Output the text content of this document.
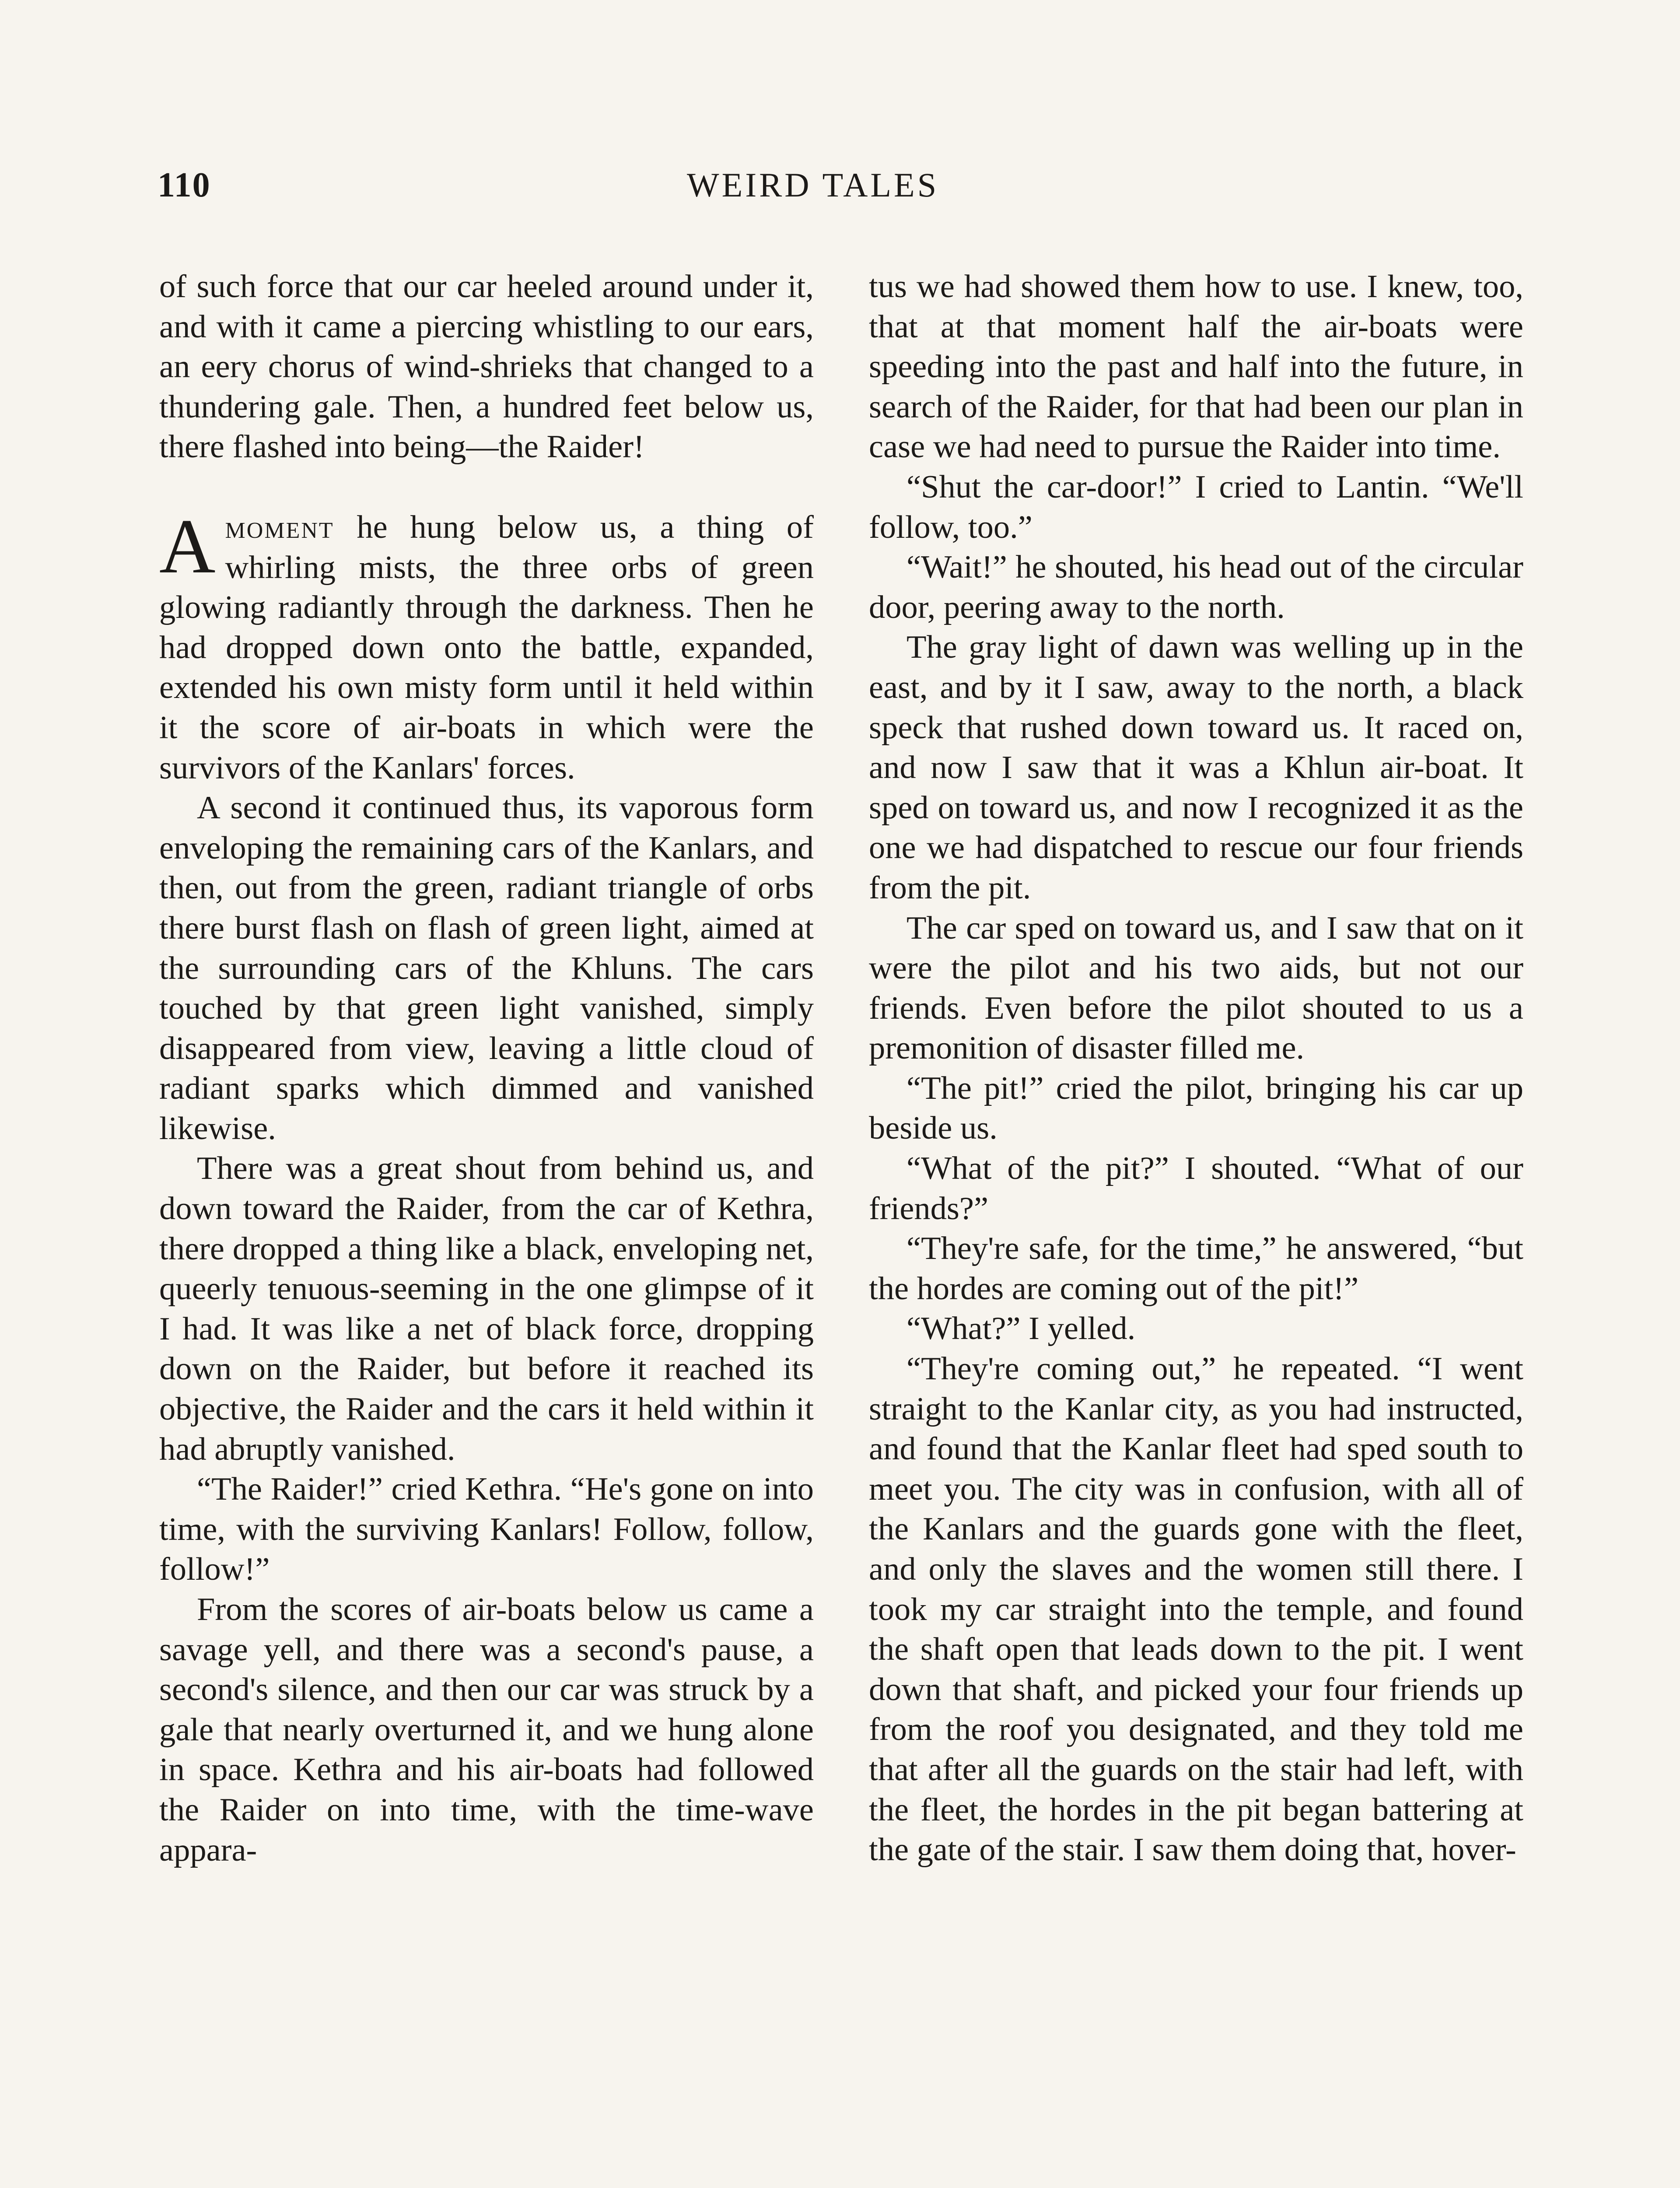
110	WEIRD TALES

of such force that our car heeled around under it, and with it came a piercing whistling to our ears, an eery chorus of wind-shrieks that changed to a thundering gale. Then, a hundred feet below us, there flashed into being—the Raider!

Amoment he hung below us, a thing of whirling mists, the three orbs of green glowing radiantly through the darkness. Then he had dropped down onto the battle, expanded, extended his own misty form until it held within it the score of air-boats in which were the survivors of the Kanlars' forces.

A second it continued thus, its vaporous form enveloping the remaining cars of the Kanlars, and then, out from the green, radiant triangle of orbs there burst flash on flash of green light, aimed at the surrounding cars of the Khluns. The cars touched by that green light vanished, simply disappeared from view, leaving a little cloud of radiant sparks which dimmed and vanished likewise.

There was a great shout from behind us, and down toward the Raider, from the car of Kethra, there dropped a thing like a black, enveloping net, queerly tenuous-seeming in the one glimpse of it I had. It was like a net of black force, dropping down on the Raider, but before it reached its objective, the Raider and the cars it held within it had abruptly vanished.

“The Raider!” cried Kethra. “He's gone on into time, with the surviving Kanlars! Follow, follow, follow!”

From the scores of air-boats below us came a savage yell, and there was a second's pause, a second's silence, and then our car was struck by a gale that nearly overturned it, and we hung alone in space. Kethra and his air-boats had followed the Raider on into time, with the time-wave appara-

tus we had showed them how to use. I knew, too, that at that moment half the air-boats were speeding into the past and half into the future, in search of the Raider, for that had been our plan in case we had need to pursue the Raider into time.

“Shut the car-door!” I cried to Lantin. “We'll follow, too.”

“Wait!” he shouted, his head out of the circular door, peering away to the north.

The gray light of dawn was welling up in the east, and by it I saw, away to the north, a black speck that rushed down toward us. It raced on, and now I saw that it was a Khlun air-boat. It sped on toward us, and now I recognized it as the one we had dispatched to rescue our four friends from the pit.

The car sped on toward us, and I saw that on it were the pilot and his two aids, but not our friends. Even before the pilot shouted to us a premonition of disaster filled me.

“The pit!” cried the pilot, bringing his car up beside us.

“What of the pit?” I shouted. “What of our friends?”

“They're safe, for the time,” he answered, “but the hordes are coming out of the pit!”

“What?” I yelled.

“They're coming out,” he repeated. “I went straight to the Kanlar city, as you had instructed, and found that the Kanlar fleet had sped south to meet you. The city was in confusion, with all of the Kanlars and the guards gone with the fleet, and only the slaves and the women still there. I took my car straight into the temple, and found the shaft open that leads down to the pit. I went down that shaft, and picked your four friends up from the roof you designated, and they told me that after all the guards on the stair had left, with the fleet, the hordes in the pit began battering at the gate of the stair. I saw them doing that, hover-
